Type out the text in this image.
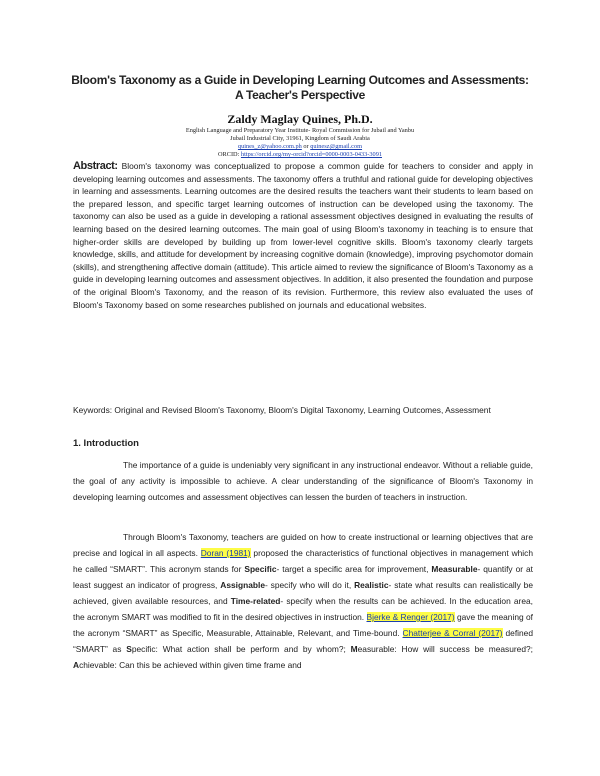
Bloom's Taxonomy as a Guide in Developing Learning Outcomes and Assessments: A Teacher's Perspective
Zaldy Maglay Quines, Ph.D.
English Language and Preparatory Year Institute- Royal Commission for Jubail and Yanbu
Jubail Industrial City, 31961, Kingdom of Saudi Arabia
quines_z@yahoo.com.ph or quinesz@gmail.com
ORCID: https://orcid.org/my-orcid?orcid=0000-0003-0433-3091
Abstract: Bloom's taxonomy was conceptualized to propose a common guide for teachers to consider and apply in developing learning outcomes and assessments. The taxonomy offers a truthful and rational guide for developing objectives in learning and assessments. Learning outcomes are the desired results the teachers want their students to learn based on the prepared lesson, and specific target learning outcomes of instruction can be developed using the taxonomy. The taxonomy can also be used as a guide in developing a rational assessment objectives designed in evaluating the results of learning based on the desired learning outcomes. The main goal of using Bloom's taxonomy in teaching is to ensure that higher-order skills are developed by building up from lower-level cognitive skills. Bloom's taxonomy clearly targets knowledge, skills, and attitude for development by increasing cognitive domain (knowledge), improving psychomotor domain (skills), and strengthening affective domain (attitude). This article aimed to review the significance of Bloom's Taxonomy as a guide in developing learning outcomes and assessment objectives. In addition, it also presented the foundation and purpose of the original Bloom's Taxonomy, and the reason of its revision. Furthermore, this review also evaluated the uses of Bloom's Taxonomy based on some researches published on journals and educational websites.
Keywords: Original and Revised Bloom's Taxonomy, Bloom's Digital Taxonomy, Learning Outcomes, Assessment
1. Introduction
The importance of a guide is undeniably very significant in any instructional endeavor. Without a reliable guide, the goal of any activity is impossible to achieve. A clear understanding of the significance of Bloom's Taxonomy in developing learning outcomes and assessment objectives can lessen the burden of teachers in instruction.
Through Bloom's Taxonomy, teachers are guided on how to create instructional or learning objectives that are precise and logical in all aspects. Doran (1981) proposed the characteristics of functional objectives in management which he called “SMART”. This acronym stands for Specific- target a specific area for improvement, Measurable- quantify or at least suggest an indicator of progress, Assignable- specify who will do it, Realistic- state what results can realistically be achieved, given available resources, and Time-related- specify when the results can be achieved. In the education area, the acronym SMART was modified to fit in the desired objectives in instruction. Bjerke & Renger (2017) gave the meaning of the acronym “SMART” as Specific, Measurable, Attainable, Relevant, and Time-bound. Chatterjee & Corral (2017) defined “SMART” as Specific: What action shall be perform and by whom?; Measurable: How will success be measured?; Achievable: Can this be achieved within given time frame and
